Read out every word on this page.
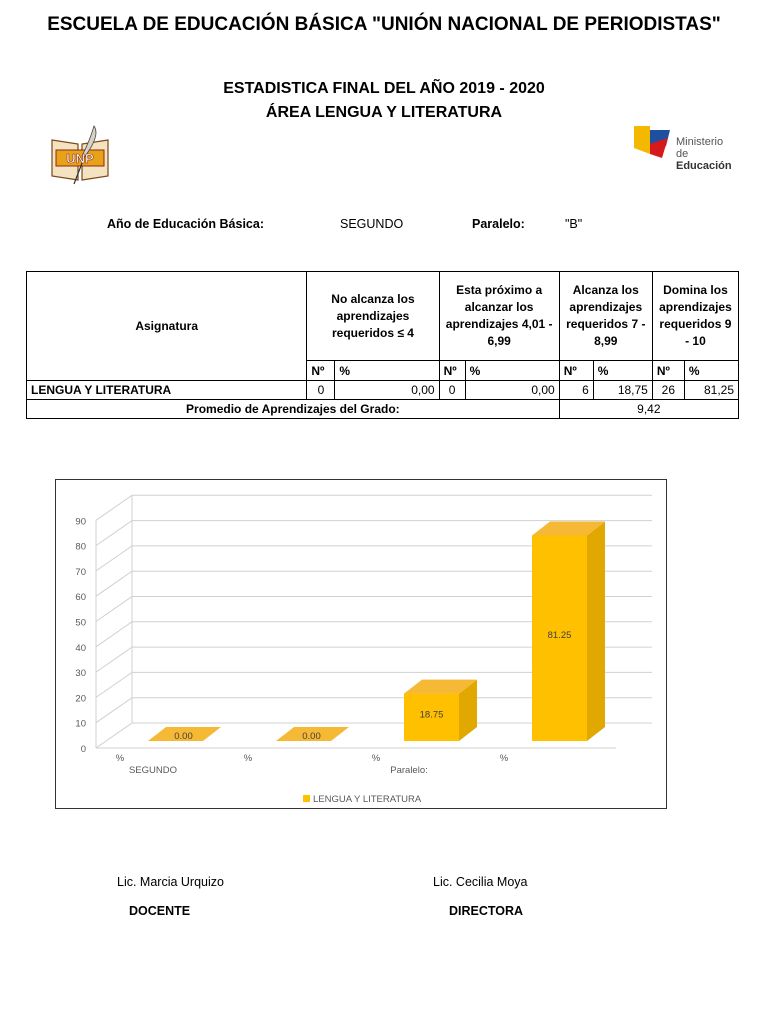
ESCUELA DE EDUCACIÓN BÁSICA "UNIÓN NACIONAL DE PERIODISTAS"
ESTADISTICA FINAL DEL AÑO 2019 - 2020
ÁREA LENGUA Y LITERATURA
UNP
Ministerio
de Educación
Año de Educación Básica:	SEGUNDO	Paralelo:	"B"
Asignatura	No alcanza los aprendizajes requeridos ≤ 4		Esta próximo a alcanzar los aprendizajes 4,01 - 6,99		Alcanza los aprendizajes requeridos 7 - 8,99		Domina los aprendizajes requeridos 9 - 10	
	Nº	%	Nº	%	Nº	%	Nº	%
LENGUA Y LITERATURA	0	0,00	0	0,00	6	18,75	26	81,25
Promedio de Aprendizajes del Grado:					9,42			
0
10
20
30
40
50
60
70
80
90
0.00
%
0.00
%
18.75
%
81.25
%
SEGUNDO	Paralelo:
LENGUA Y LITERATURA
Lic. Marcia Urquizo
DOCENTE
Lic. Cecilia Moya
DIRECTORA
